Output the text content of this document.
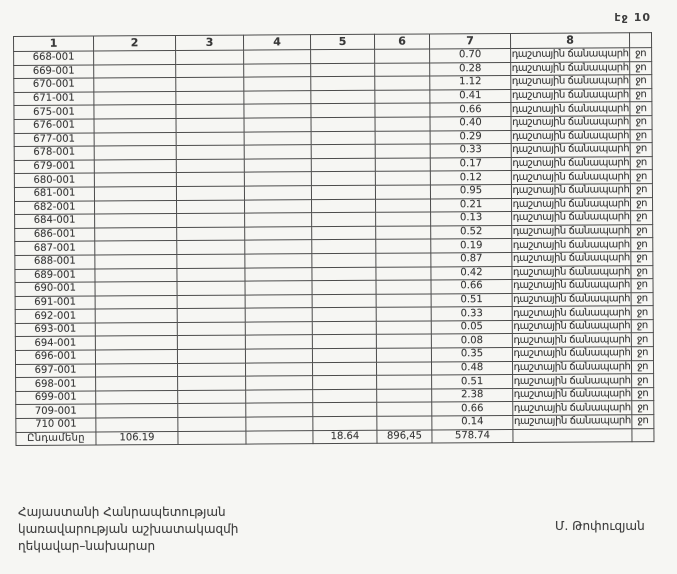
էջ 10
1	2	3	4	5	6	7	8	
668-001						0.70	դաշտային ճանապարհ	ջո
669-001						0.28	դաշտային ճանապարհ	ջո
670-001						1.12	դաշտային ճանապարհ	ջո
671-001						0.41	դաշտային ճանապարհ	ջո
675-001						0.66	դաշտային ճանապարհ	ջո
676-001						0.40	դաշտային ճանապարհ	ջո
677-001						0.29	դաշտային ճանապարհ	ջո
678-001						0.33	դաշտային ճանապարհ	ջո
679-001						0.17	դաշտային ճանապարհ	ջո
680-001						0.12	դաշտային ճանապարհ	ջո
681-001						0.95	դաշտային ճանապարհ	ջո
682-001						0.21	դաշտային ճանապարհ	ջո
684-001						0.13	դաշտային ճանապարհ	ջո
686-001						0.52	դաշտային ճանապարհ	ջո
687-001						0.19	դաշտային ճանապարհ	ջո
688-001						0.87	դաշտային ճանապարհ	ջո
689-001						0.42	դաշտային ճանապարհ	ջո
690-001						0.66	դաշտային ճանապարհ	ջո
691-001						0.51	դաշտային ճանապարհ	ջո
692-001						0.33	դաշտային ճանապարհ	ջո
693-001						0.05	դաշտային ճանապարհ	ջո
694-001						0.08	դաշտային ճանապարհ	ջո
696-001						0.35	դաշտային ճանապարհ	ջո
697-001						0.48	դաշտային ճանապարհ	ջո
698-001						0.51	դաշտային ճանապարհ	ջո
699-001						2.38	դաշտային ճանապարհ	ջո
709-001						0.66	դաշտային ճանապարհ	ջո
710 001						0.14	դաշտային ճանապարհ	ջո
Ընդամենը	106.19			18.64	896,45	578.74		
Հայաստանի Հանրապետության
կառավարության աշխատակազմի
ղեկավար–նախարար
Մ. Թոփուզյան
